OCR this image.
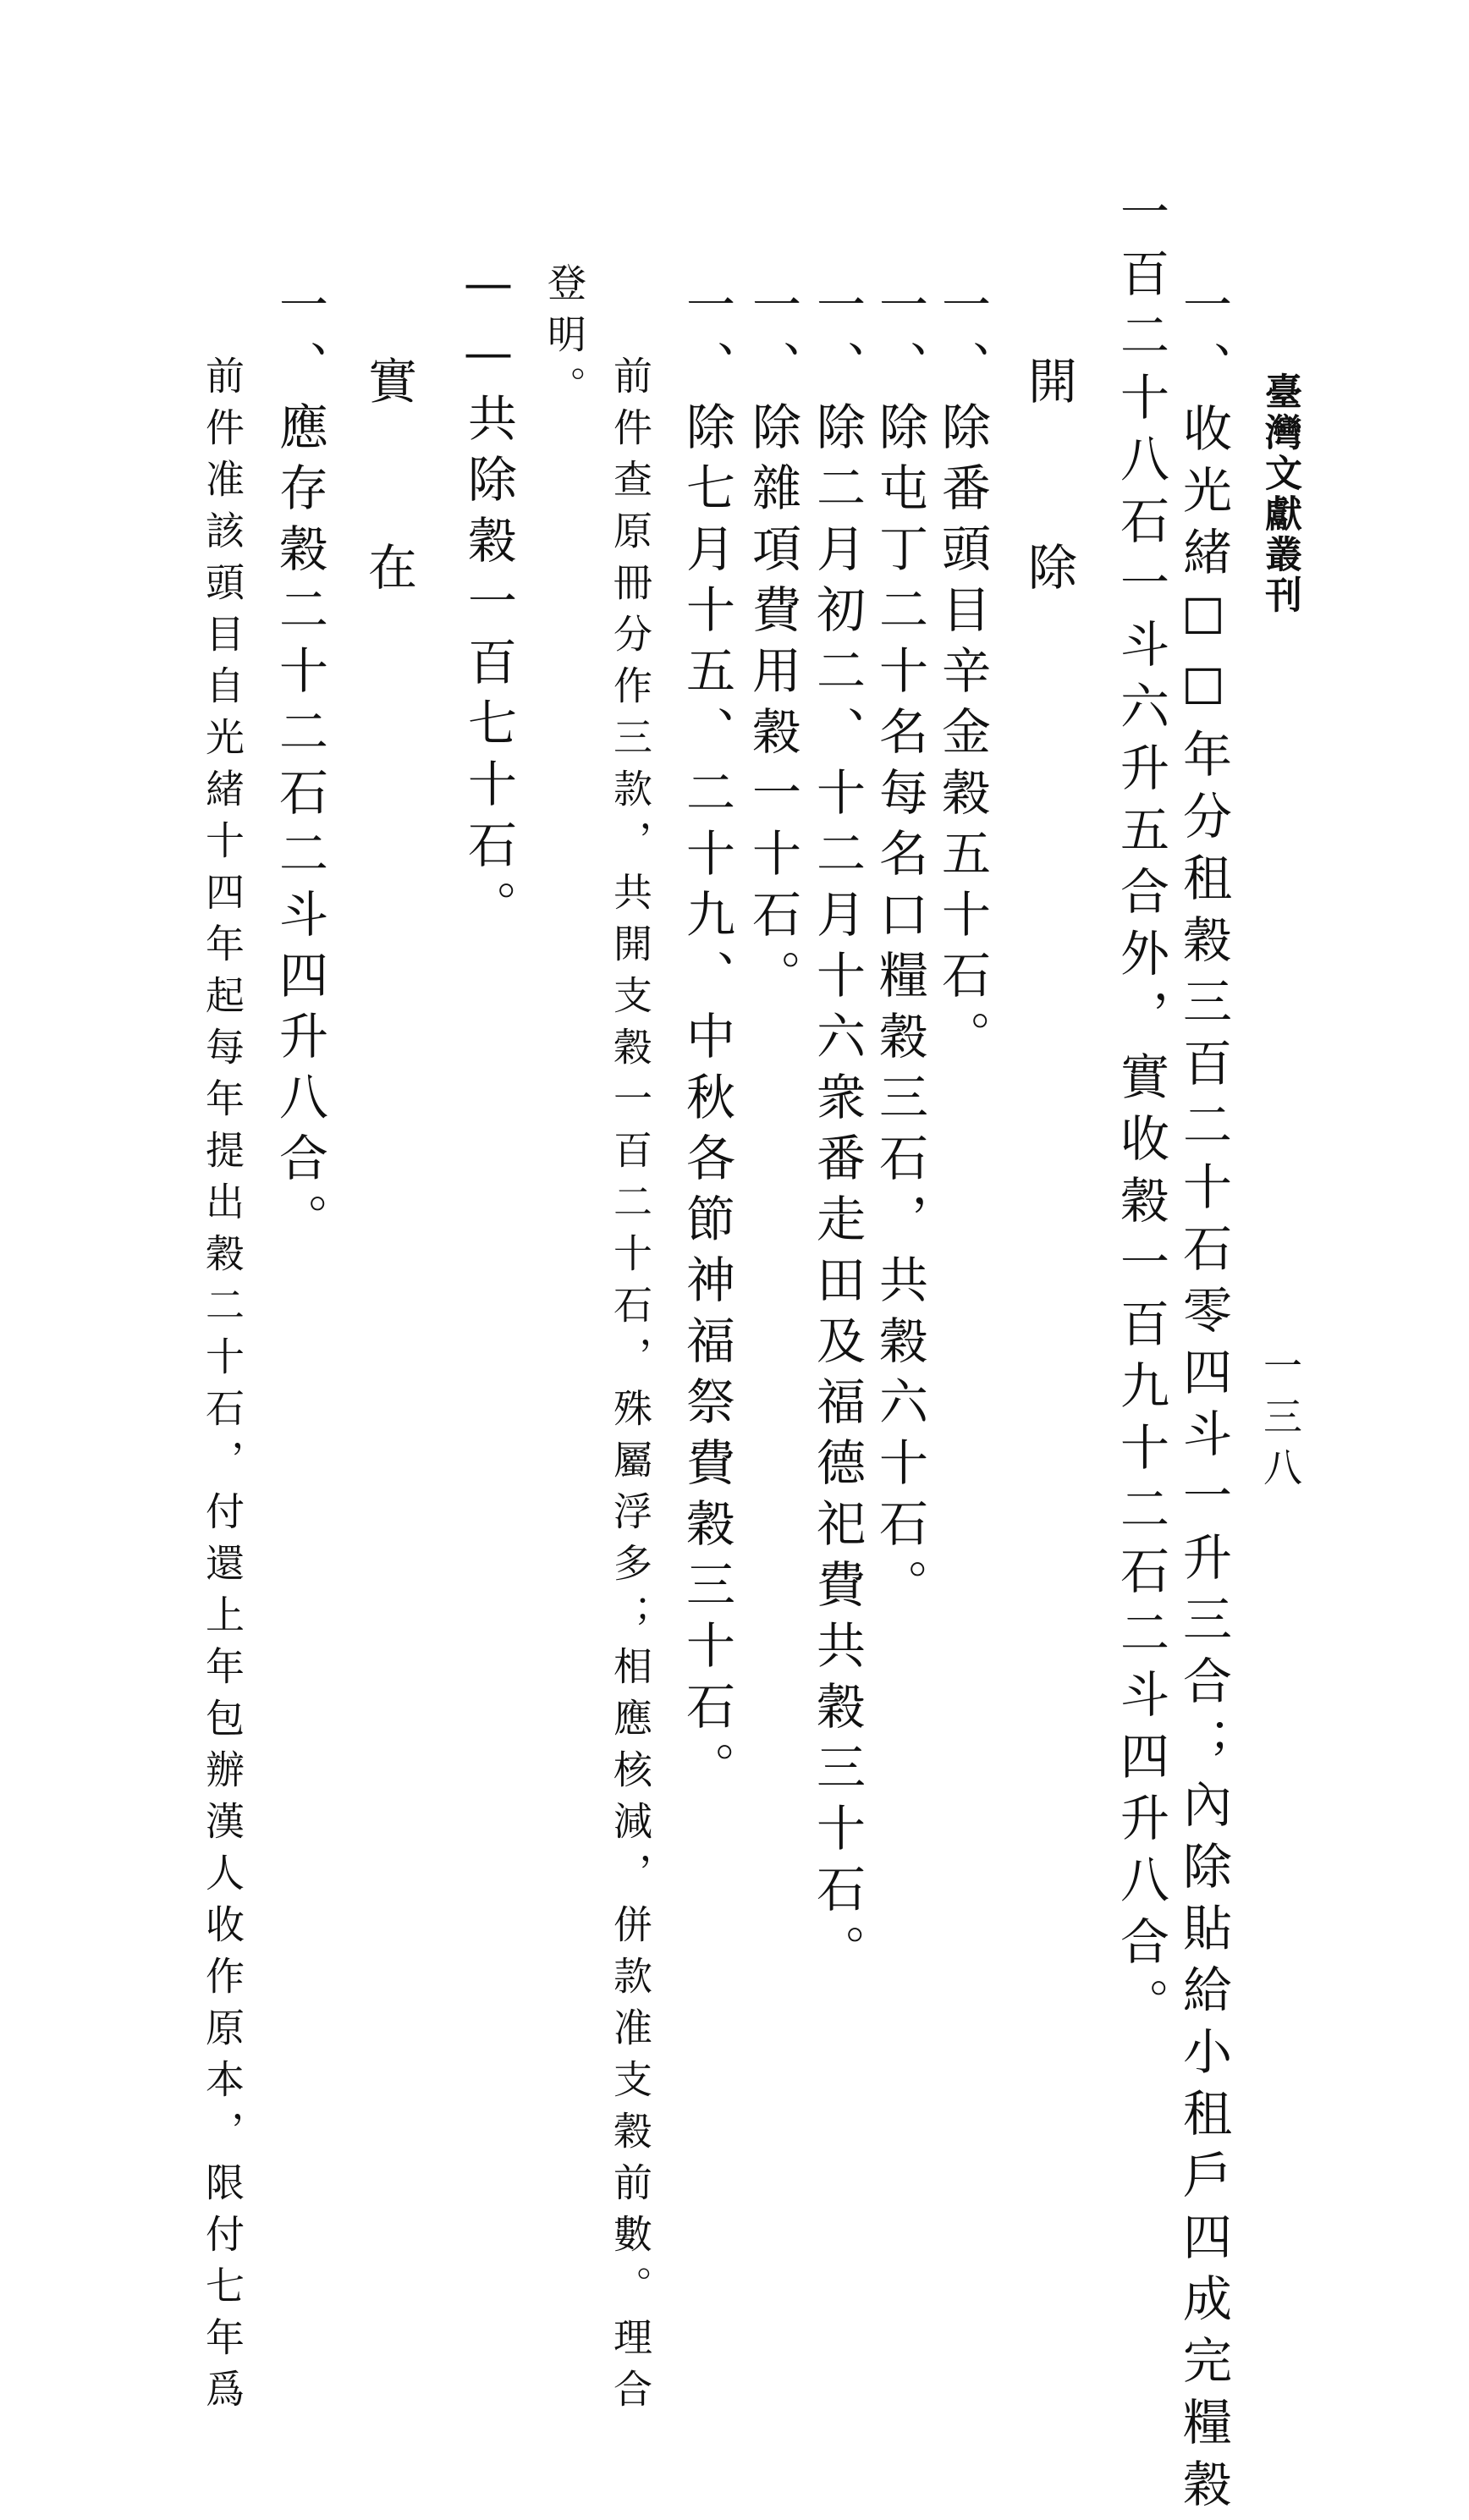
臺灣文獻叢刊
一三八
一、收光緒☐☐年分租穀三百二十石零四斗一升三合；內除貼給小租戶四成完糧穀
一百二十八石一斗六升五合外，實收穀一百九十二石二斗四升八合。
開　除
一、除番頭目辛金穀五十石。
一、除屯丁二十名每名口糧穀三石，共穀六十石。
一、除二月初二、十二月十六衆番走田及福德祀費共穀三十石。
一、除雜項費用穀一十石。
一、除七月十五、二十九、中秋各節神福祭費穀三十石。
前件查原冊分作三款，共開支穀一百二十石，殊屬浮多；相應核減，併款准支穀前數。理合
登明。
——共除穀一百七十石。
實　在
一、應存穀二十二石二斗四升八合。
前件准該頭目自光緒十四年起每年提出穀二十石，付還上年包辦漢人收作原本，限付七年爲
